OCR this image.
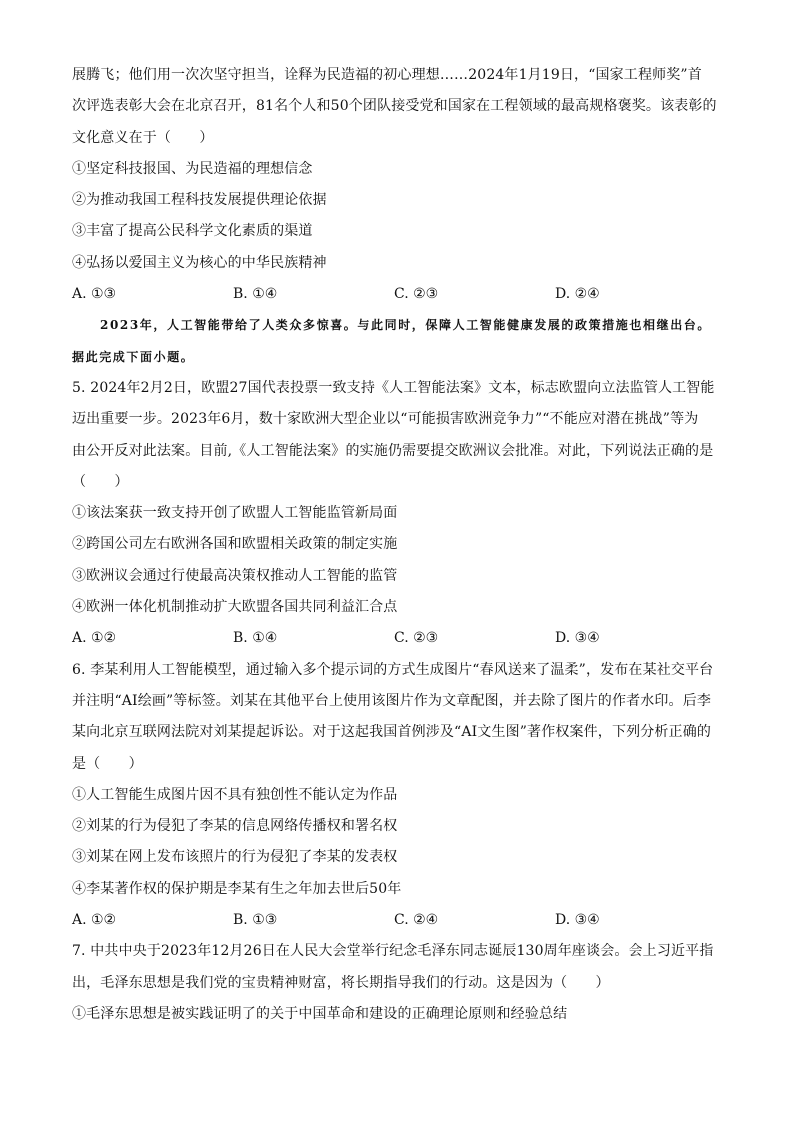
展腾飞；他们用一次次坚守担当，诠释为民造福的初心理想……2024年1月19日，“国家工程师奖”首
次评选表彰大会在北京召开，81名个人和50个团队接受党和国家在工程领域的最高规格褒奖。该表彰的
文化意义在于（　　）
①坚定科技报国、为民造福的理想信念
②为推动我国工程科技发展提供理论依据
③丰富了提高公民科学文化素质的渠道
④弘扬以爱国主义为核心的中华民族精神
A. ①③	B. ①④	C. ②③	D. ②④
2023年，人工智能带给了人类众多惊喜。与此同时，保障人工智能健康发展的政策措施也相继出台。
据此完成下面小题。
5. 2024年2月2日，欧盟27国代表投票一致支持《人工智能法案》文本，标志欧盟向立法监管人工智能
迈出重要一步。2023年6月，数十家欧洲大型企业以“可能损害欧洲竞争力”“不能应对潜在挑战”等为
由公开反对此法案。目前,《人工智能法案》的实施仍需要提交欧洲议会批准。对此，下列说法正确的是
（　　）
①该法案获一致支持开创了欧盟人工智能监管新局面
②跨国公司左右欧洲各国和欧盟相关政策的制定实施
③欧洲议会通过行使最高决策权推动人工智能的监管
④欧洲一体化机制推动扩大欧盟各国共同利益汇合点
A. ①②	B. ①④	C. ②③	D. ③④
6. 李某利用人工智能模型，通过输入多个提示词的方式生成图片“春风送来了温柔”，发布在某社交平台
并注明“AI绘画”等标签。刘某在其他平台上使用该图片作为文章配图，并去除了图片的作者水印。后李
某向北京互联网法院对刘某提起诉讼。对于这起我国首例涉及“AI文生图”著作权案件，下列分析正确的
是（　　）
①人工智能生成图片因不具有独创性不能认定为作品
②刘某的行为侵犯了李某的信息网络传播权和署名权
③刘某在网上发布该照片的行为侵犯了李某的发表权
④李某著作权的保护期是李某有生之年加去世后50年
A. ①②	B. ①③	C. ②④	D. ③④
7. 中共中央于2023年12月26日在人民大会堂举行纪念毛泽东同志诞辰130周年座谈会。会上习近平指
出，毛泽东思想是我们党的宝贵精神财富，将长期指导我们的行动。这是因为（　　）
①毛泽东思想是被实践证明了的关于中国革命和建设的正确理论原则和经验总结
